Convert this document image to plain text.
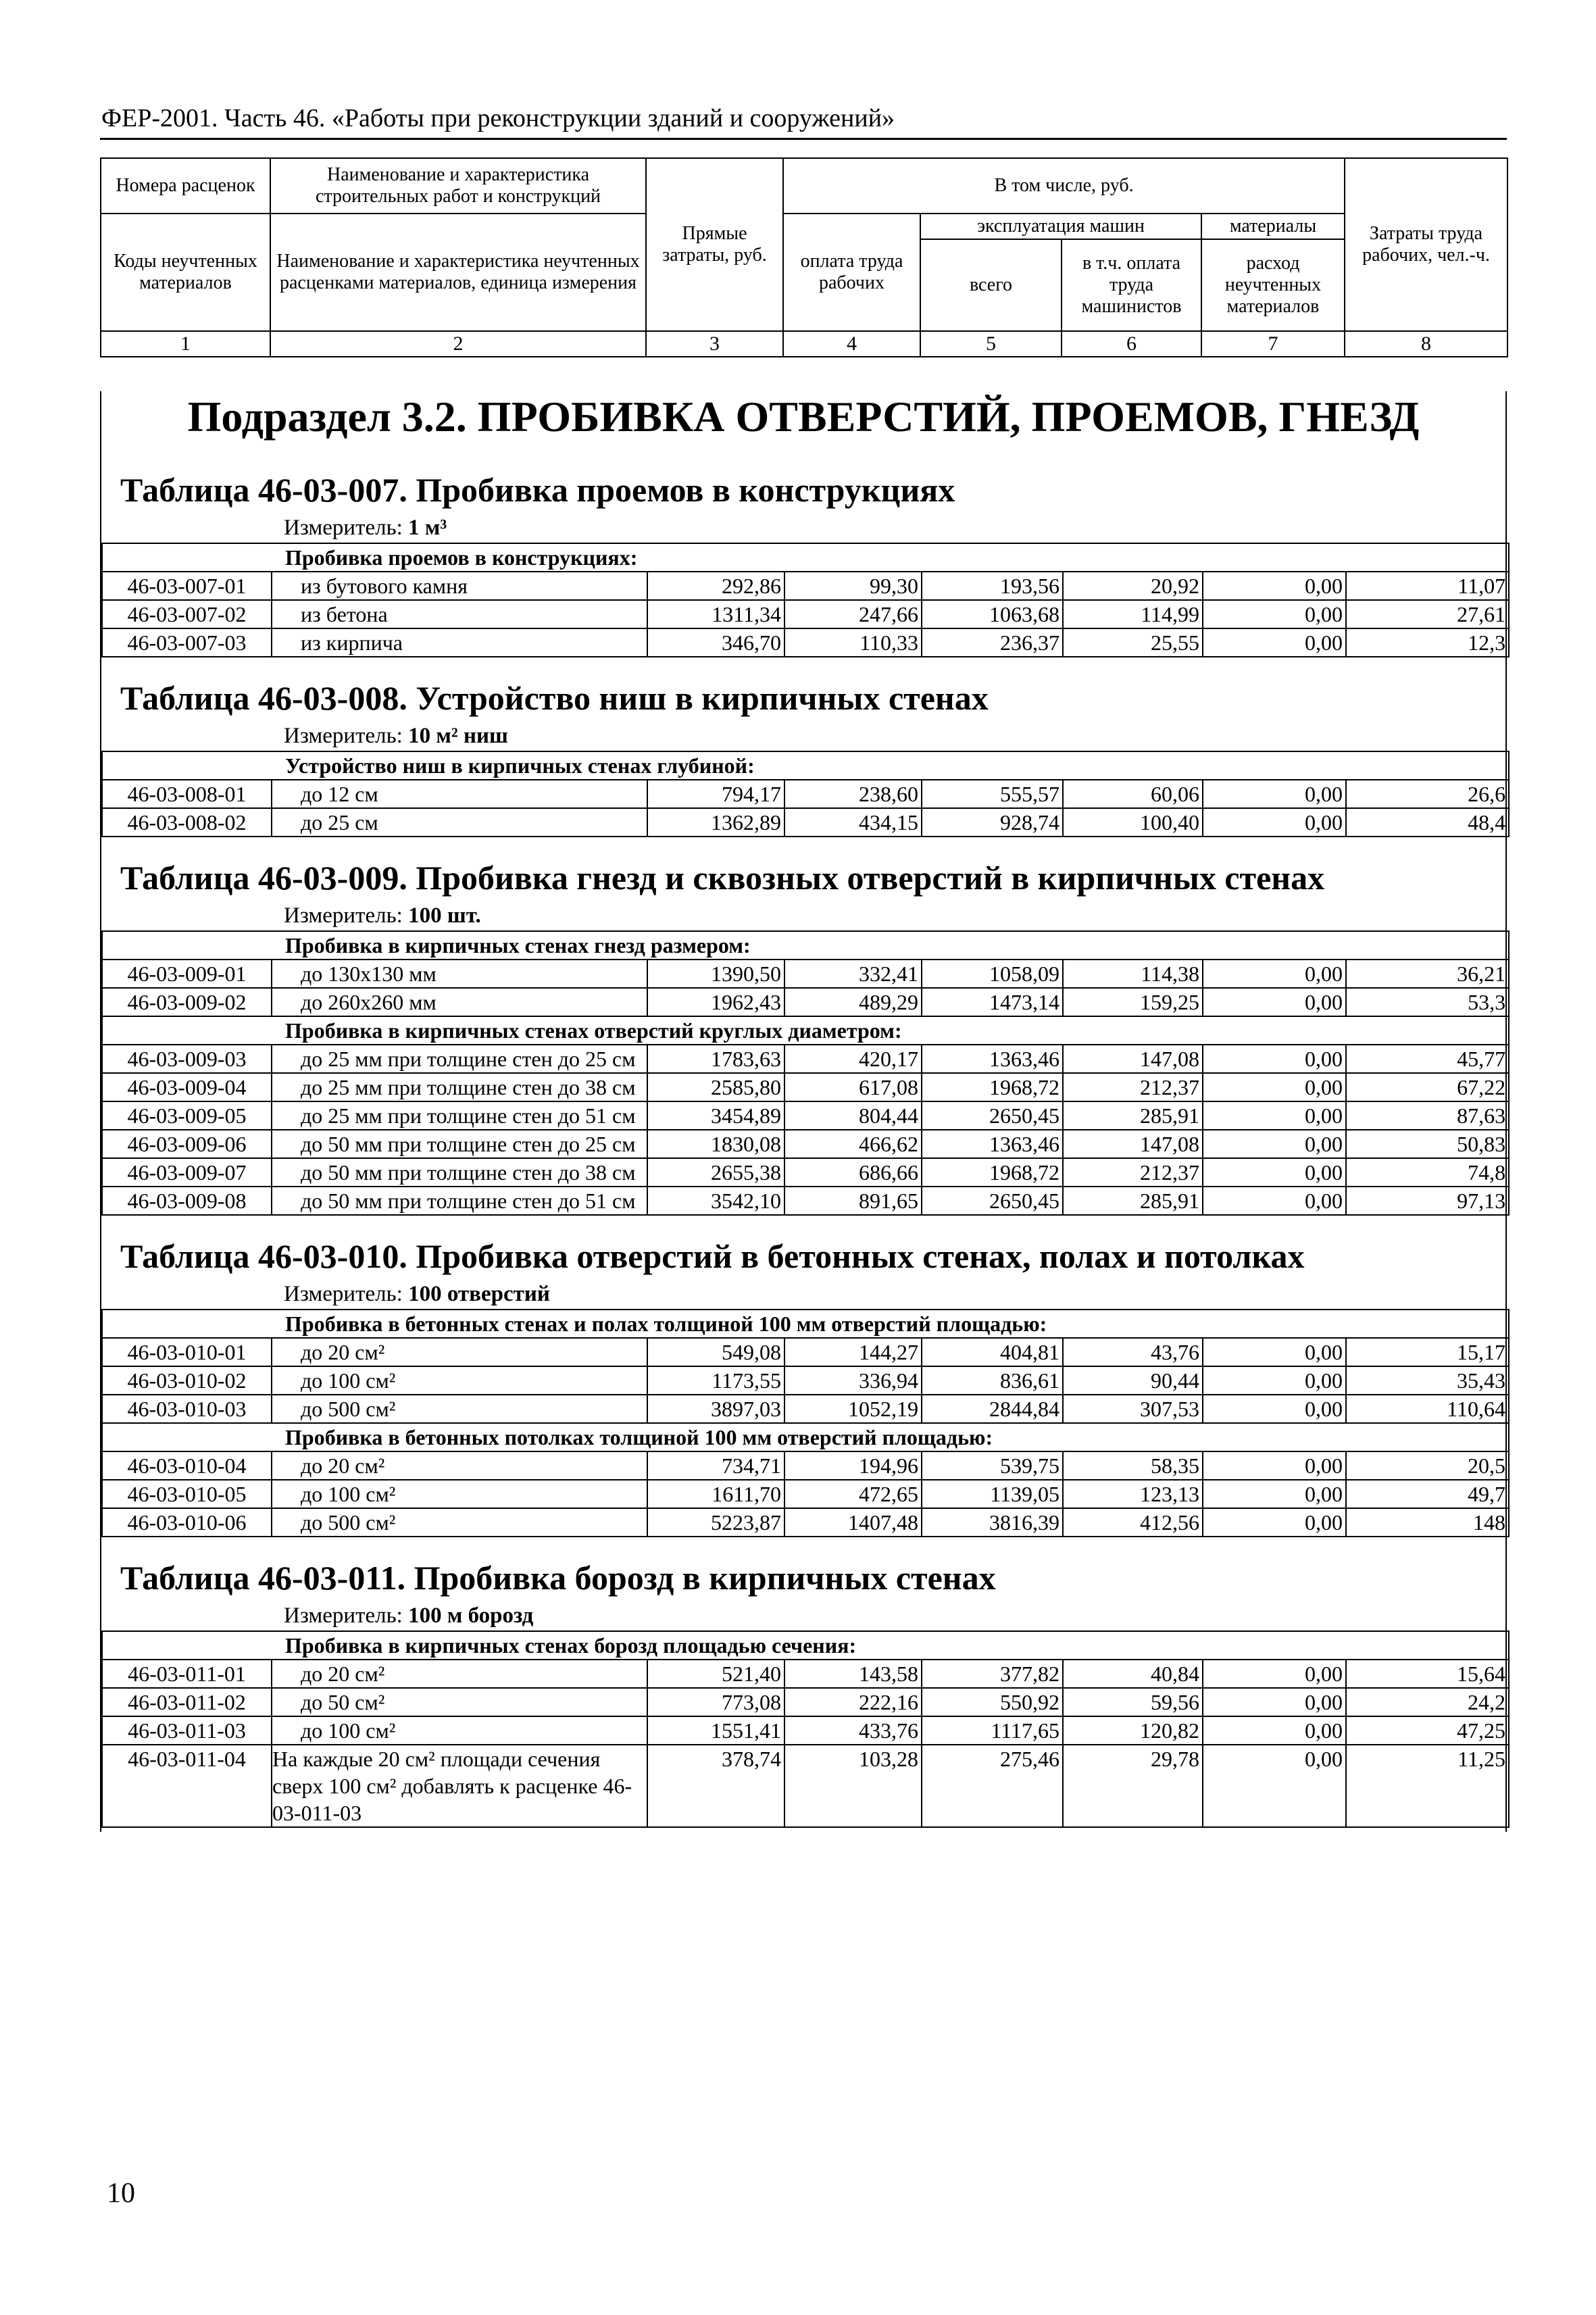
ФЕР-2001. Часть 46. «Работы при реконструкции зданий и сооружений»
Номера расценок	Наименование и характеристика строительных работ и конструкций	Прямые затраты, руб.	В том числе, руб.				Затраты труда рабочих, чел.-ч.
Коды неучтенных материалов	Наименование и характеристика неучтенных расценками материалов, единица измерения		оплата труда рабочих	эксплуатация машин		материалы	
				всего	в т.ч. оплата труда машинистов	расход неучтенных материалов	
1	2	3	4	5	6	7	8
Подраздел 3.2. ПРОБИВКА ОТВЕРСТИЙ, ПРОЕМОВ, ГНЕЗД
Таблица 46-03-007. Пробивка проемов в конструкциях
Измеритель: 1 м³
Пробивка проемов в конструкциях:							
46-03-007-01	из бутового камня	292,86	99,30	193,56	20,92	0,00	11,07
46-03-007-02	из бетона	1311,34	247,66	1063,68	114,99	0,00	27,61
46-03-007-03	из кирпича	346,70	110,33	236,37	25,55	0,00	12,3
Таблица 46-03-008. Устройство ниш в кирпичных стенах
Измеритель: 10 м² ниш
Устройство ниш в кирпичных стенах глубиной:							
46-03-008-01	до 12 см	794,17	238,60	555,57	60,06	0,00	26,6
46-03-008-02	до 25 см	1362,89	434,15	928,74	100,40	0,00	48,4
Таблица 46-03-009. Пробивка гнезд и сквозных отверстий в кирпичных стенах
Измеритель: 100 шт.
Пробивка в кирпичных стенах гнезд размером:							
46-03-009-01	до 130x130 мм	1390,50	332,41	1058,09	114,38	0,00	36,21
46-03-009-02	до 260x260 мм	1962,43	489,29	1473,14	159,25	0,00	53,3
Пробивка в кирпичных стенах отверстий круглых диаметром:							
46-03-009-03	до 25 мм при толщине стен до 25 см	1783,63	420,17	1363,46	147,08	0,00	45,77
46-03-009-04	до 25 мм при толщине стен до 38 см	2585,80	617,08	1968,72	212,37	0,00	67,22
46-03-009-05	до 25 мм при толщине стен до 51 см	3454,89	804,44	2650,45	285,91	0,00	87,63
46-03-009-06	до 50 мм при толщине стен до 25 см	1830,08	466,62	1363,46	147,08	0,00	50,83
46-03-009-07	до 50 мм при толщине стен до 38 см	2655,38	686,66	1968,72	212,37	0,00	74,8
46-03-009-08	до 50 мм при толщине стен до 51 см	3542,10	891,65	2650,45	285,91	0,00	97,13
Таблица 46-03-010. Пробивка отверстий в бетонных стенах, полах и потолках
Измеритель: 100 отверстий
Пробивка в бетонных стенах и полах толщиной 100 мм отверстий площадью:							
46-03-010-01	до 20 см²	549,08	144,27	404,81	43,76	0,00	15,17
46-03-010-02	до 100 см²	1173,55	336,94	836,61	90,44	0,00	35,43
46-03-010-03	до 500 см²	3897,03	1052,19	2844,84	307,53	0,00	110,64
Пробивка в бетонных потолках толщиной 100 мм отверстий площадью:							
46-03-010-04	до 20 см²	734,71	194,96	539,75	58,35	0,00	20,5
46-03-010-05	до 100 см²	1611,70	472,65	1139,05	123,13	0,00	49,7
46-03-010-06	до 500 см²	5223,87	1407,48	3816,39	412,56	0,00	148
Таблица 46-03-011. Пробивка борозд в кирпичных стенах
Измеритель: 100 м борозд
Пробивка в кирпичных стенах борозд площадью сечения:							
46-03-011-01	до 20 см²	521,40	143,58	377,82	40,84	0,00	15,64
46-03-011-02	до 50 см²	773,08	222,16	550,92	59,56	0,00	24,2
46-03-011-03	до 100 см²	1551,41	433,76	1117,65	120,82	0,00	47,25
46-03-011-04	На каждые 20 см² площади сечения сверх 100 см² добавлять к расценке 46-03-011-03	378,74	103,28	275,46	29,78	0,00	11,25
10
